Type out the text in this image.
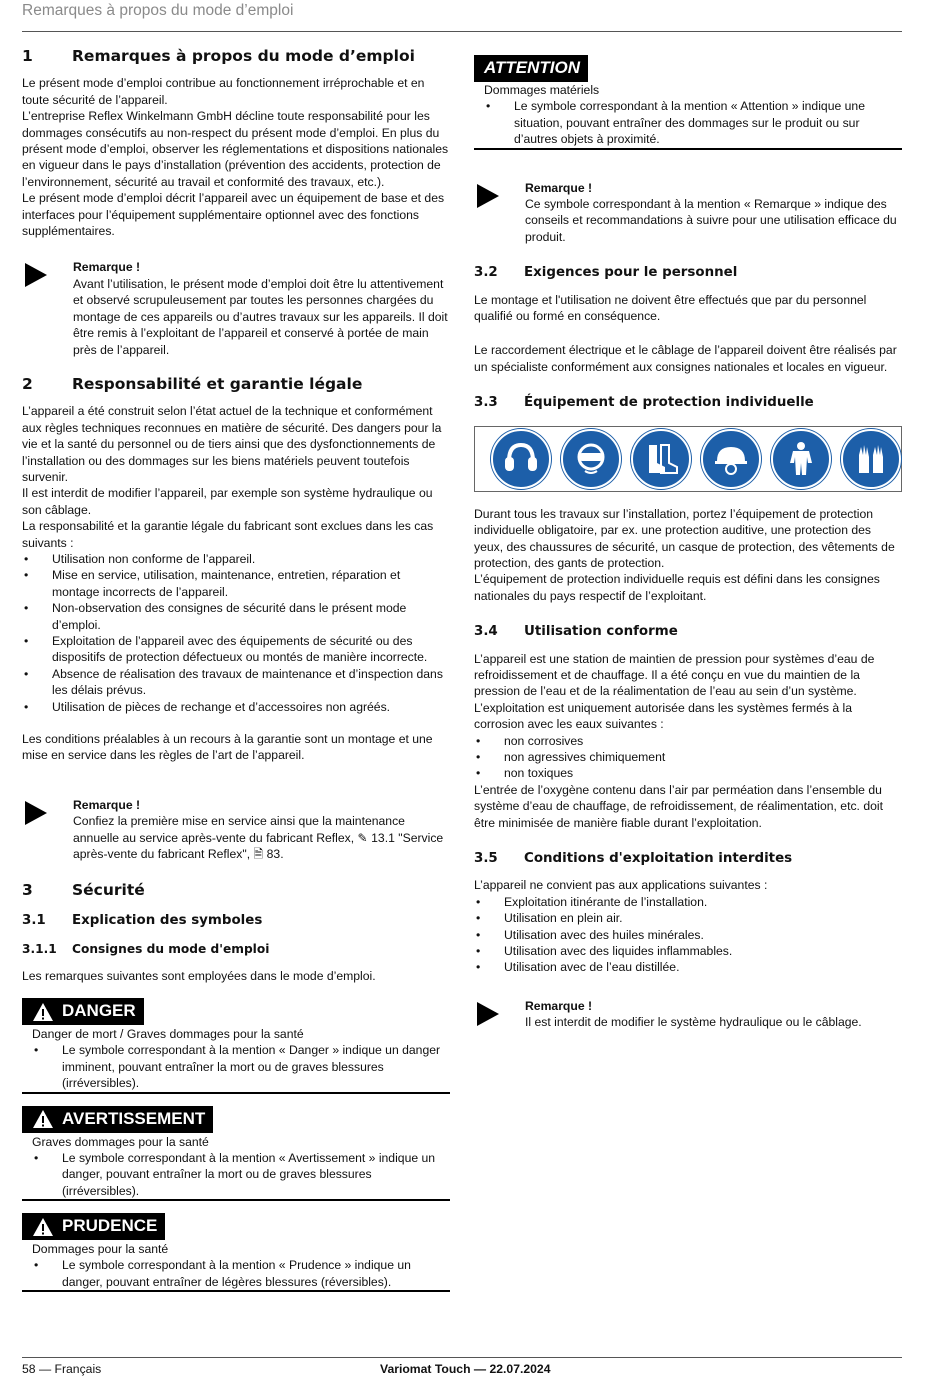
Remarques à propos du mode d’emploi
1	Remarques à propos du mode d’emploi

Le présent mode d’emploi contribue au fonctionnement irréprochable et en toute sécurité de l’appareil.

L’entreprise Reflex Winkelmann GmbH décline toute responsabilité pour les dommages consécutifs au non-respect du présent mode d’emploi. En plus du présent mode d’emploi, observer les réglementations et dispositions nationales en vigueur dans le pays d’installation (prévention des accidents, protection de l’environnement, sécurité au travail et conformité des travaux, etc.).

Le présent mode d’emploi décrit l’appareil avec un équipement de base et des interfaces pour l’équipement supplémentaire optionnel avec des fonctions supplémentaires.

Remarque !
Avant l’utilisation, le présent mode d’emploi doit être lu attentivement et observé scrupuleusement par toutes les personnes chargées du montage de ces appareils ou d’autres travaux sur les appareils. Il doit être remis à l’exploitant de l’appareil et conservé à portée de main près de l’appareil.
2	Responsabilité et garantie légale

L’appareil a été construit selon l’état actuel de la technique et conformément aux règles techniques reconnues en matière de sécurité. Des dangers pour la vie et la santé du personnel ou de tiers ainsi que des dysfonctionnements de l’installation ou des dommages sur les biens matériels peuvent toutefois survenir.

Il est interdit de modifier l’appareil, par exemple son système hydraulique ou son câblage.

La responsabilité et la garantie légale du fabricant sont exclues dans les cas suivants :

• Utilisation non conforme de l’appareil.
• Mise en service, utilisation, maintenance, entretien, réparation et montage incorrects de l’appareil.
• Non-observation des consignes de sécurité dans le présent mode d’emploi.
• Exploitation de l’appareil avec des équipements de sécurité ou des dispositifs de protection défectueux ou montés de manière incorrecte.
• Absence de réalisation des travaux de maintenance et d’inspection dans les délais prévus.
• Utilisation de pièces de rechange et d’accessoires non agréés.

Les conditions préalables à un recours à la garantie sont un montage et une mise en service dans les règles de l’art de l’appareil.

Remarque !
Confiez la première mise en service ainsi que la maintenance annuelle au service après-vente du fabricant Reflex, ✎ 13.1 "Service après-vente du fabricant Reflex", 🗎 83.
3	Sécurité
3.1	Explication des symboles
3.1.1	Consignes du mode d'emploi

Les remarques suivantes sont employées dans le mode d’emploi.

DANGER
Danger de mort / Graves dommages pour la santé
• Le symbole correspondant à la mention « Danger » indique un danger imminent, pouvant entraîner la mort ou de graves blessures (irréversibles).
AVERTISSEMENT
Graves dommages pour la santé
• Le symbole correspondant à la mention « Avertissement » indique un danger, pouvant entraîner la mort ou de graves blessures (irréversibles).
PRUDENCE
Dommages pour la santé
• Le symbole correspondant à la mention « Prudence » indique un danger, pouvant entraîner de légères blessures (réversibles).
ATTENTION
Dommages matériels
• Le symbole correspondant à la mention « Attention » indique une situation, pouvant entraîner des dommages sur le produit ou sur d’autres objets à proximité.
Remarque !
Ce symbole correspondant à la mention « Remarque » indique des conseils et recommandations à suivre pour une utilisation efficace du produit.
3.2	Exigences pour le personnel

Le montage et l'utilisation ne doivent être effectués que par du personnel qualifié ou formé en conséquence.

Le raccordement électrique et le câblage de l’appareil doivent être réalisés par un spécialiste conformément aux consignes nationales et locales en vigueur.

3.3	Équipement de protection individuelle

Durant tous les travaux sur l’installation, portez l’équipement de protection individuelle obligatoire, par ex. une protection auditive, une protection des yeux, des chaussures de sécurité, un casque de protection, des vêtements de protection, des gants de protection.

L’équipement de protection individuelle requis est défini dans les consignes nationales du pays respectif de l’exploitant.

3.4	Utilisation conforme

L’appareil est une station de maintien de pression pour systèmes d’eau de refroidissement et de chauffage. Il a été conçu en vue du maintien de la pression de l’eau et de la réalimentation de l’eau au sein d’un système. L’exploitation est uniquement autorisée dans les systèmes fermés à la corrosion avec les eaux suivantes :

• non corrosives
• non agressives chimiquement
• non toxiques

L’entrée de l’oxygène contenu dans l’air par perméation dans l’ensemble du système d’eau de chauffage, de refroidissement, de réalimentation, etc. doit être minimisée de manière fiable durant l’exploitation.

3.5	Conditions d'exploitation interdites

L’appareil ne convient pas aux applications suivantes :

• Exploitation itinérante de l’installation.
• Utilisation en plein air.
• Utilisation avec des huiles minérales.
• Utilisation avec des liquides inflammables.
• Utilisation avec de l’eau distillée.
Remarque !
Il est interdit de modifier le système hydraulique ou le câblage.
58 — Français	Variomat Touch — 22.07.2024
